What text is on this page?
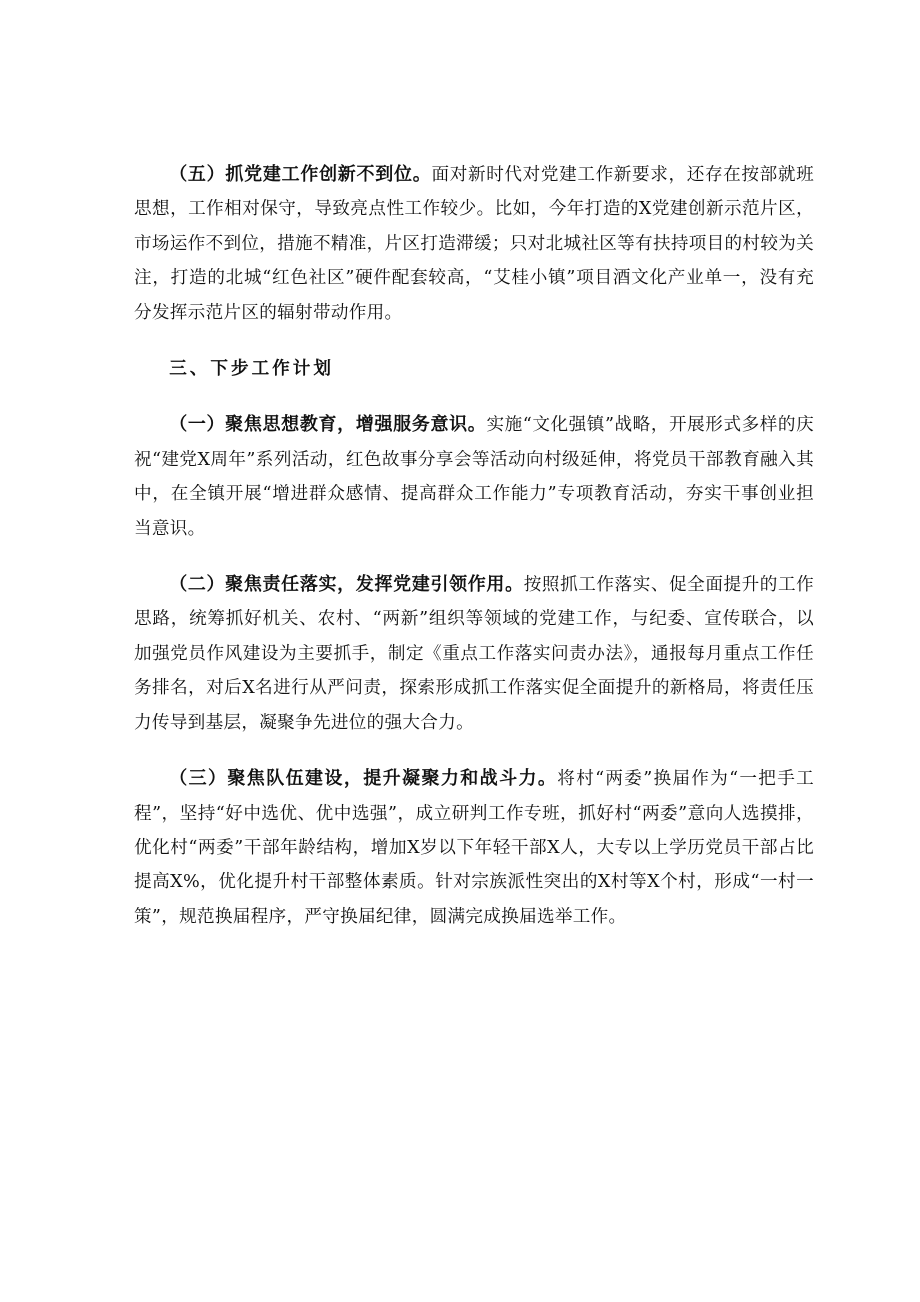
（五）抓党建工作创新不到位。面对新时代对党建工作新要求，还存在按部就班思想，工作相对保守，导致亮点性工作较少。比如，今年打造的X党建创新示范片区，市场运作不到位，措施不精准，片区打造滞缓；只对北城社区等有扶持项目的村较为关注，打造的北城“红色社区”硬件配套较高，“艾桂小镇”项目酒文化产业单一，没有充分发挥示范片区的辐射带动作用。

三、下步工作计划

（一）聚焦思想教育，增强服务意识。实施“文化强镇”战略，开展形式多样的庆祝“建党X周年”系列活动，红色故事分享会等活动向村级延伸，将党员干部教育融入其中，在全镇开展“增进群众感情、提高群众工作能力”专项教育活动，夯实干事创业担当意识。

（二）聚焦责任落实，发挥党建引领作用。按照抓工作落实、促全面提升的工作思路，统筹抓好机关、农村、“两新”组织等领域的党建工作，与纪委、宣传联合，以加强党员作风建设为主要抓手，制定《重点工作落实问责办法》，通报每月重点工作任务排名，对后X名进行从严问责，探索形成抓工作落实促全面提升的新格局，将责任压力传导到基层，凝聚争先进位的强大合力。

（三）聚焦队伍建设，提升凝聚力和战斗力。将村“两委”换届作为“一把手工程”，坚持“好中选优、优中选强”，成立研判工作专班，抓好村“两委”意向人选摸排，优化村“两委”干部年龄结构，增加X岁以下年轻干部X人，大专以上学历党员干部占比提高X%，优化提升村干部整体素质。针对宗族派性突出的X村等X个村，形成“一村一策”，规范换届程序，严守换届纪律，圆满完成换届选举工作。
